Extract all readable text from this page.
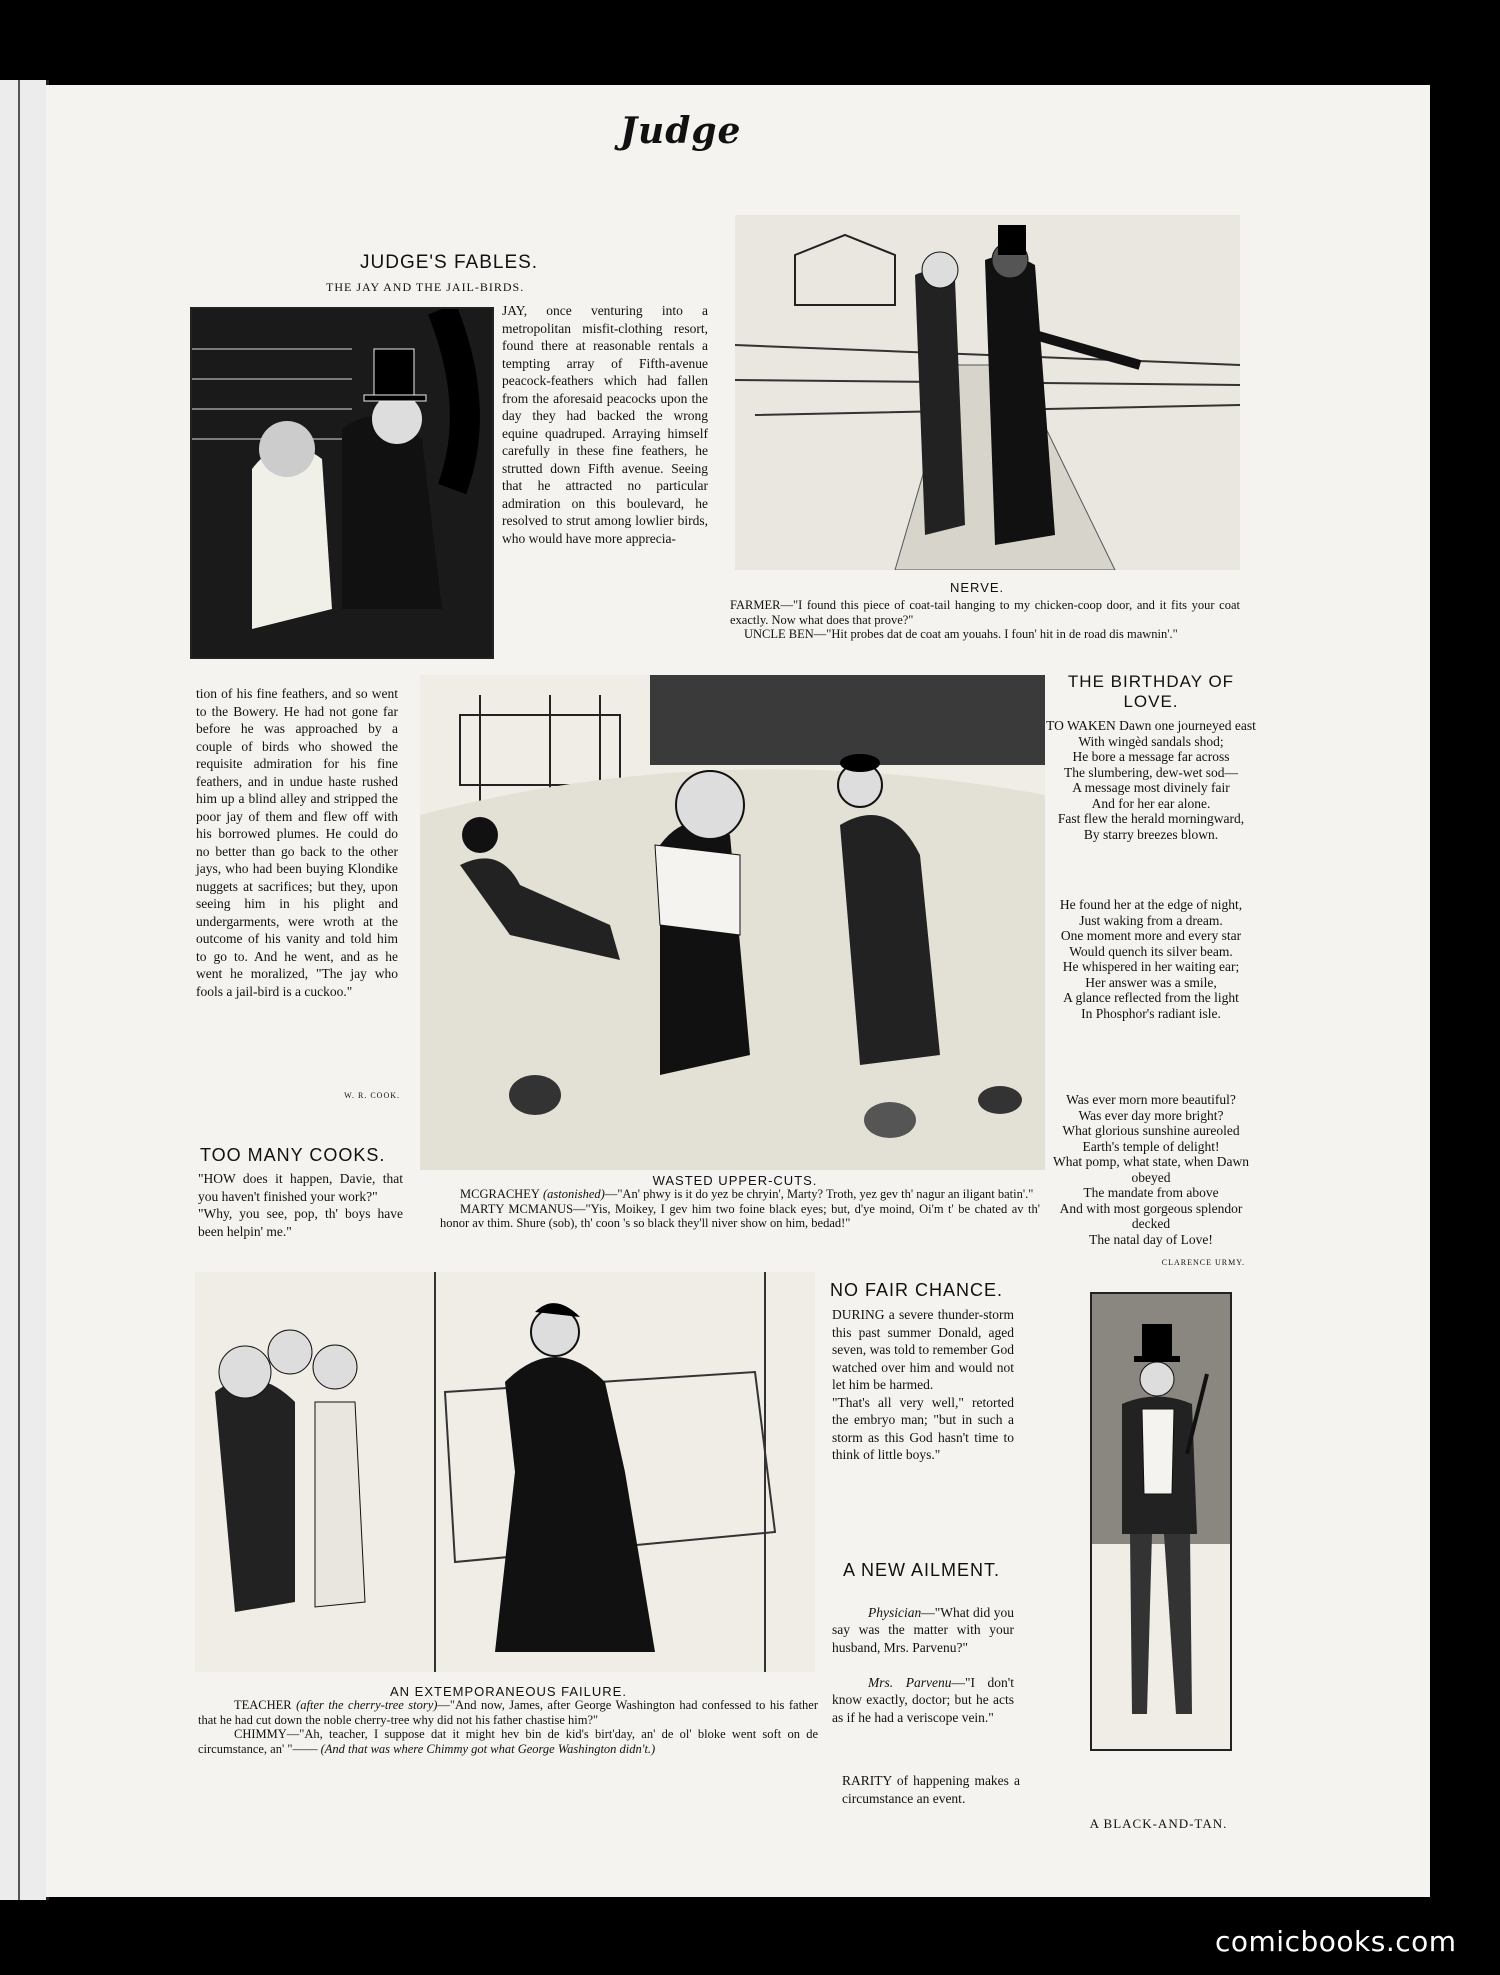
Judge
JUDGE'S FABLES.
THE JAY AND THE JAIL-BIRDS.
JAY, once venturing into a metropolitan misfit-clothing resort, found there at reasonable rentals a tempting array of Fifth-avenue peacock-feathers which had fallen from the aforesaid peacocks upon the day they had backed the wrong equine quadruped. Arraying himself carefully in these fine feathers, he strutted down Fifth avenue. Seeing that he attracted no particular admiration on this boulevard, he resolved to strut among lowlier birds, who would have more apprecia-
tion of his fine feathers, and so went to the Bowery. He had not gone far before he was approached by a couple of birds who showed the requisite admiration for his fine feathers, and in undue haste rushed him up a blind alley and stripped the poor jay of them and flew off with his borrowed plumes. He could do no better than go back to the other jays, who had been buying Klondike nuggets at sacrifices; but they, upon seeing him in his plight and undergarments, were wroth at the outcome of his vanity and told him to go to. And he went, and as he went he moralized, "The jay who fools a jail-bird is a cuckoo."
W. R. COOK.
NERVE.
FARMER—"I found this piece of coat-tail hanging to my chicken-coop door, and it fits your coat exactly. Now what does that prove?"
UNCLE BEN—"Hit probes dat de coat am youahs. I foun' hit in de road dis mawnin'."
THE BIRTHDAY OF LOVE.
TO WAKEN Dawn one journeyed east
With wingèd sandals shod;
He bore a message far across
The slumbering, dew-wet sod—
A message most divinely fair
And for her ear alone.
Fast flew the herald morningward,
By starry breezes blown.
He found her at the edge of night,
Just waking from a dream.
One moment more and every star
Would quench its silver beam.
He whispered in her waiting ear;
Her answer was a smile,
A glance reflected from the light
In Phosphor's radiant isle.
Was ever morn more beautiful?
Was ever day more bright?
What glorious sunshine aureoled
Earth's temple of delight!
What pomp, what state, when Dawn obeyed
The mandate from above
And with most gorgeous splendor decked
The natal day of Love!
CLARENCE URMY.
WASTED UPPER-CUTS.
MCGRACHEY (astonished)—"An' phwy is it do yez be chryin', Marty? Troth, yez gev th' nagur an iligant batin'."
MARTY MCMANUS—"Yis, Moikey, I gev him two foine black eyes; but, d'ye moind, Oi'm t' be chated av th' honor av thim. Shure (sob), th' coon 's so black they'll niver show on him, bedad!"
TOO MANY COOKS.
"HOW does it happen, Davie, that you haven't finished your work?"
"Why, you see, pop, th' boys have been helpin' me."
AN EXTEMPORANEOUS FAILURE.
TEACHER (after the cherry-tree story)—"And now, James, after George Washington had confessed to his father that he had cut down the noble cherry-tree why did not his father chastise him?"
CHIMMY—"Ah, teacher, I suppose dat it might hev bin de kid's birt'day, an' de ol' bloke went soft on de circumstance, an' "—— (And that was where Chimmy got what George Washington didn't.)
NO FAIR CHANCE.
DURING a severe thunder-storm this past summer Donald, aged seven, was told to remember God watched over him and would not let him be harmed.
"That's all very well," retorted the embryo man; "but in such a storm as this God hasn't time to think of little boys."
A NEW AILMENT.

Physician—"What did you say was the matter with your husband, Mrs. Parvenu?"

Mrs. Parvenu—"I don't know exactly, doctor; but he acts as if he had a veriscope vein."

RARITY of happening makes a circumstance an event.
A BLACK-AND-TAN.
comicbooks.com
